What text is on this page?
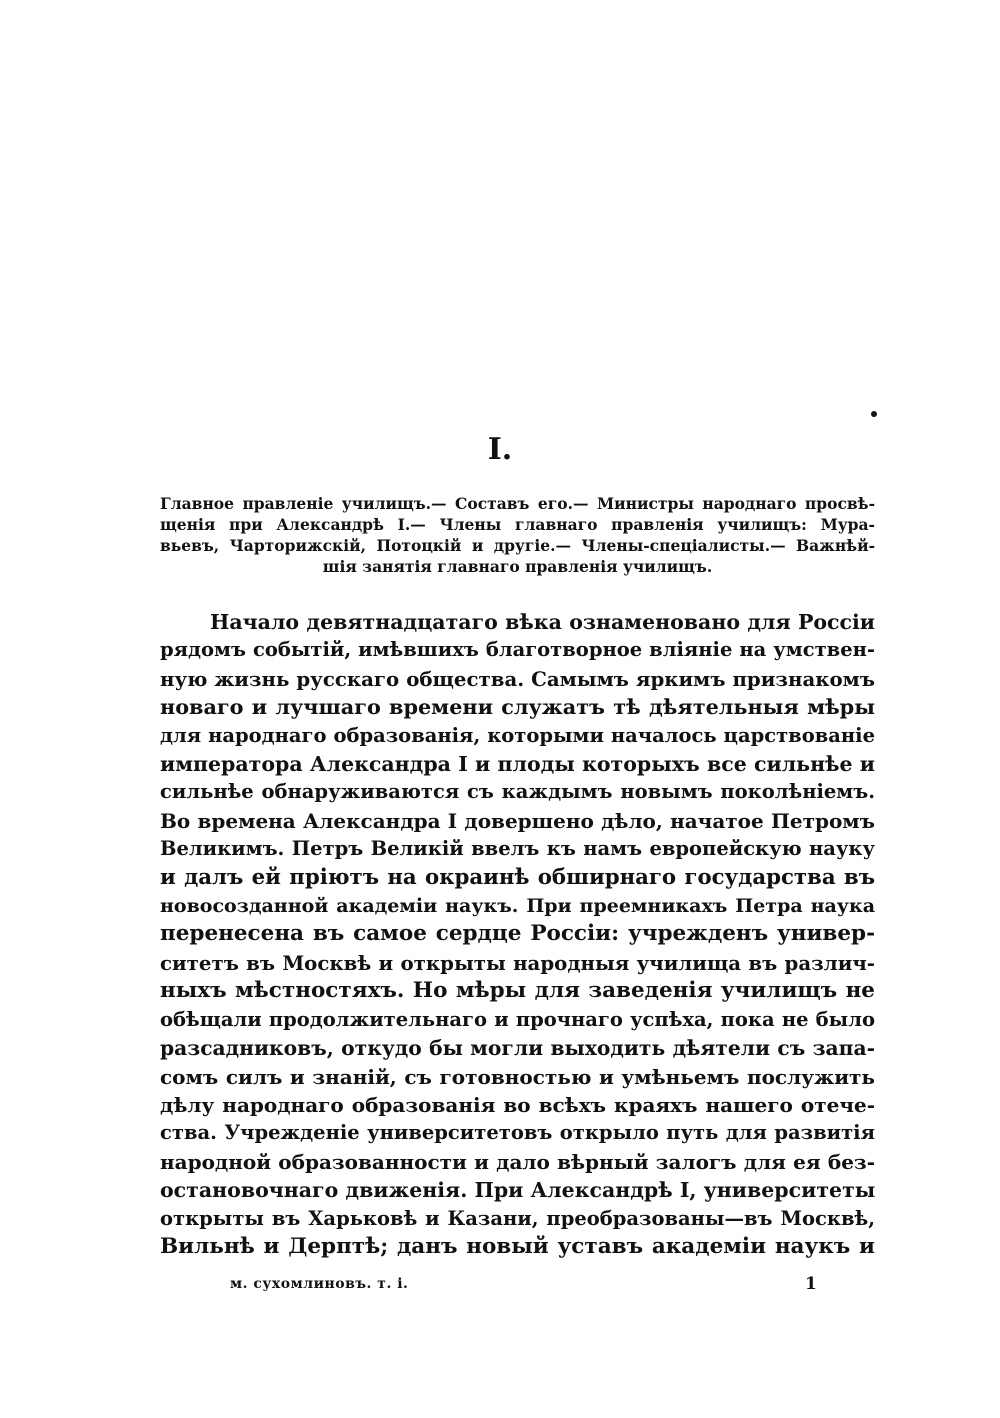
I.

Главное правленіе училищъ.— Составъ его.— Министры народнаго просвѣ-
щенія при Александрѣ I.— Члены главнаго правленія училищъ: Мура-
вьевъ, Чарторижскій, Потоцкій и другіе.— Члены-спеціалисты.— Важнѣй-
шія занятія главнаго правленія училищъ.

Начало девятнадцатаго вѣка ознаменовано для Россіи
рядомъ событій, имѣвшихъ благотворное вліяніе на умствен-
ную жизнь русскаго общества. Самымъ яркимъ признакомъ
новаго и лучшаго времени служатъ тѣ дѣятельныя мѣры
для народнаго образованія, которыми началось царствованіе
императора Александра I и плоды которыхъ все сильнѣе и
сильнѣе обнаруживаются съ каждымъ новымъ поколѣніемъ.
Во времена Александра I довершено дѣло, начатое Петромъ
Великимъ. Петръ Великій ввелъ къ намъ европейскую науку
и далъ ей пріютъ на окраинѣ обширнаго государства въ
новосозданной академіи наукъ. При преемникахъ Петра наука
перенесена въ самое сердце Россіи: учрежденъ универ-
ситетъ въ Москвѣ и открыты народныя училища въ различ-
ныхъ мѣстностяхъ. Но мѣры для заведенія училищъ не
обѣщали продолжительнаго и прочнаго успѣха, пока не было
разсадниковъ, откудо бы могли выходить дѣятели съ запа-
сомъ силъ и знаній, съ готовностью и умѣньемъ послужить
дѣлу народнаго образованія во всѣхъ краяхъ нашего отече-
ства. Учрежденіе университетовъ открыло путь для развитія
народной образованности и дало вѣрный залогъ для ея без-
остановочнаго движенія. При Александрѣ I, университеты
открыты въ Харьковѣ и Казани, преобразованы—въ Москвѣ,
Вильнѣ и Дерптѣ; данъ новый уставъ академіи наукъ и

м. сухомлиновъ. т. і.	1
